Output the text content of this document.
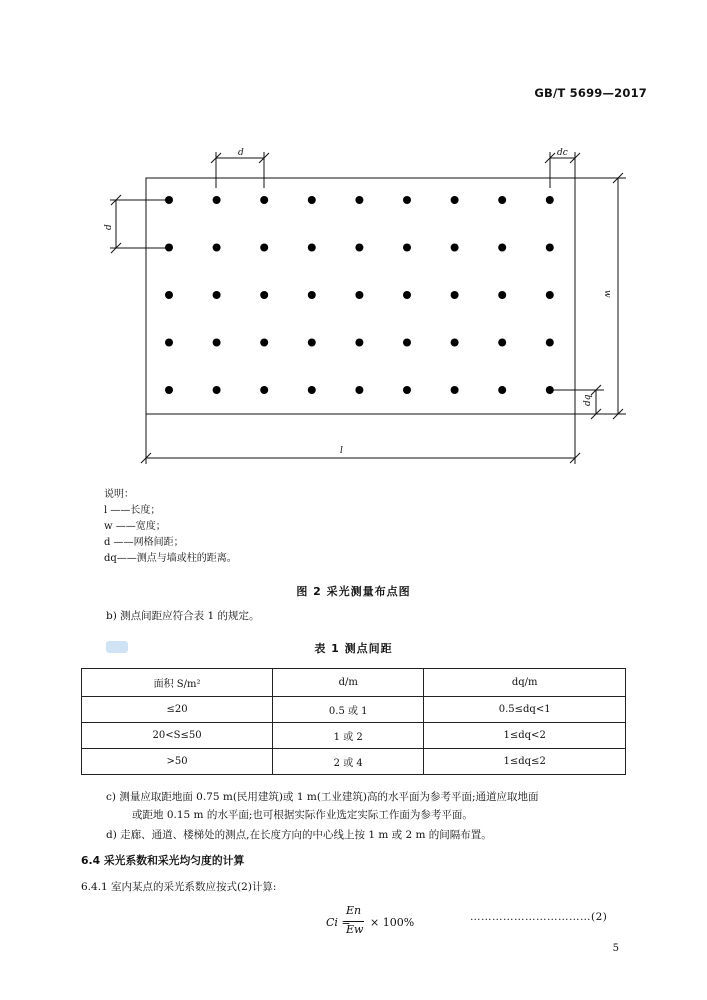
GB/T 5699—2017
d	dc
d
w
dq
l
说明：
l ——长度；
w ——宽度；
d ——网格间距；
dq——测点与墙或柱的距离。
图 2 采光测量布点图
b) 测点间距应符合表 1 的规定。
表 1 测点间距
面积 S/m²	d/m	dq/m
≤20	0.5 或 1	0.5≤dq<1
20<S≤50	1 或 2	1≤dq<2
>50	2 或 4	1≤dq≤2
c) 测量应取距地面 0.75 m(民用建筑)或 1 m(工业建筑)高的水平面为参考平面;通道应取地面
或距地 0.15 m 的水平面;也可根据实际作业选定实际工作面为参考平面。
d) 走廊、通道、楼梯处的测点,在长度方向的中心线上按 1 m 或 2 m 的间隔布置。
6.4 采光系数和采光均匀度的计算
6.4.1 室内某点的采光系数应按式(2)计算:
Ci =
En
Ew
× 100%	……………………………(2)
5
